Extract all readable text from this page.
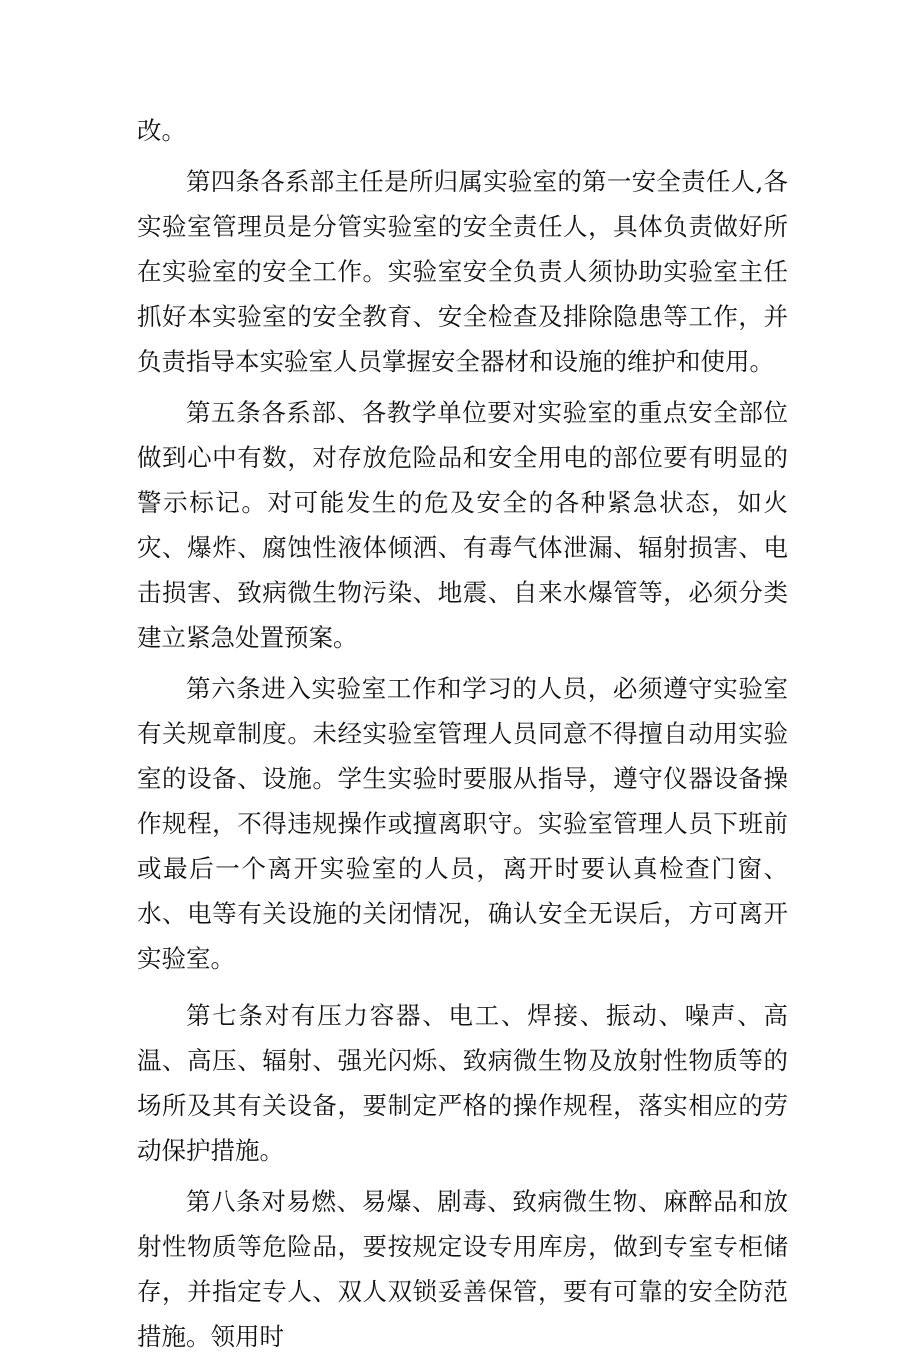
改。

第四条各系部主任是所归属实验室的第一安全责任人,各实验室管理员是分管实验室的安全责任人，具体负责做好所在实验室的安全工作。实验室安全负责人须协助实验室主任抓好本实验室的安全教育、安全检查及排除隐患等工作，并负责指导本实验室人员掌握安全器材和设施的维护和使用。

第五条各系部、各教学单位要对实验室的重点安全部位做到心中有数，对存放危险品和安全用电的部位要有明显的警示标记。对可能发生的危及安全的各种紧急状态，如火灾、爆炸、腐蚀性液体倾洒、有毒气体泄漏、辐射损害、电击损害、致病微生物污染、地震、自来水爆管等，必须分类建立紧急处置预案。

第六条进入实验室工作和学习的人员，必须遵守实验室有关规章制度。未经实验室管理人员同意不得擅自动用实验室的设备、设施。学生实验时要服从指导，遵守仪器设备操作规程，不得违规操作或擅离职守。实验室管理人员下班前或最后一个离开实验室的人员，离开时要认真检查门窗、水、电等有关设施的关闭情况，确认安全无误后，方可离开实验室。

第七条对有压力容器、电工、焊接、振动、噪声、高温、高压、辐射、强光闪烁、致病微生物及放射性物质等的场所及其有关设备，要制定严格的操作规程，落实相应的劳动保护措施。

第八条对易燃、易爆、剧毒、致病微生物、麻醉品和放射性物质等危险品，要按规定设专用库房，做到专室专柜储存，并指定专人、双人双锁妥善保管，要有可靠的安全防范措施。领用时
